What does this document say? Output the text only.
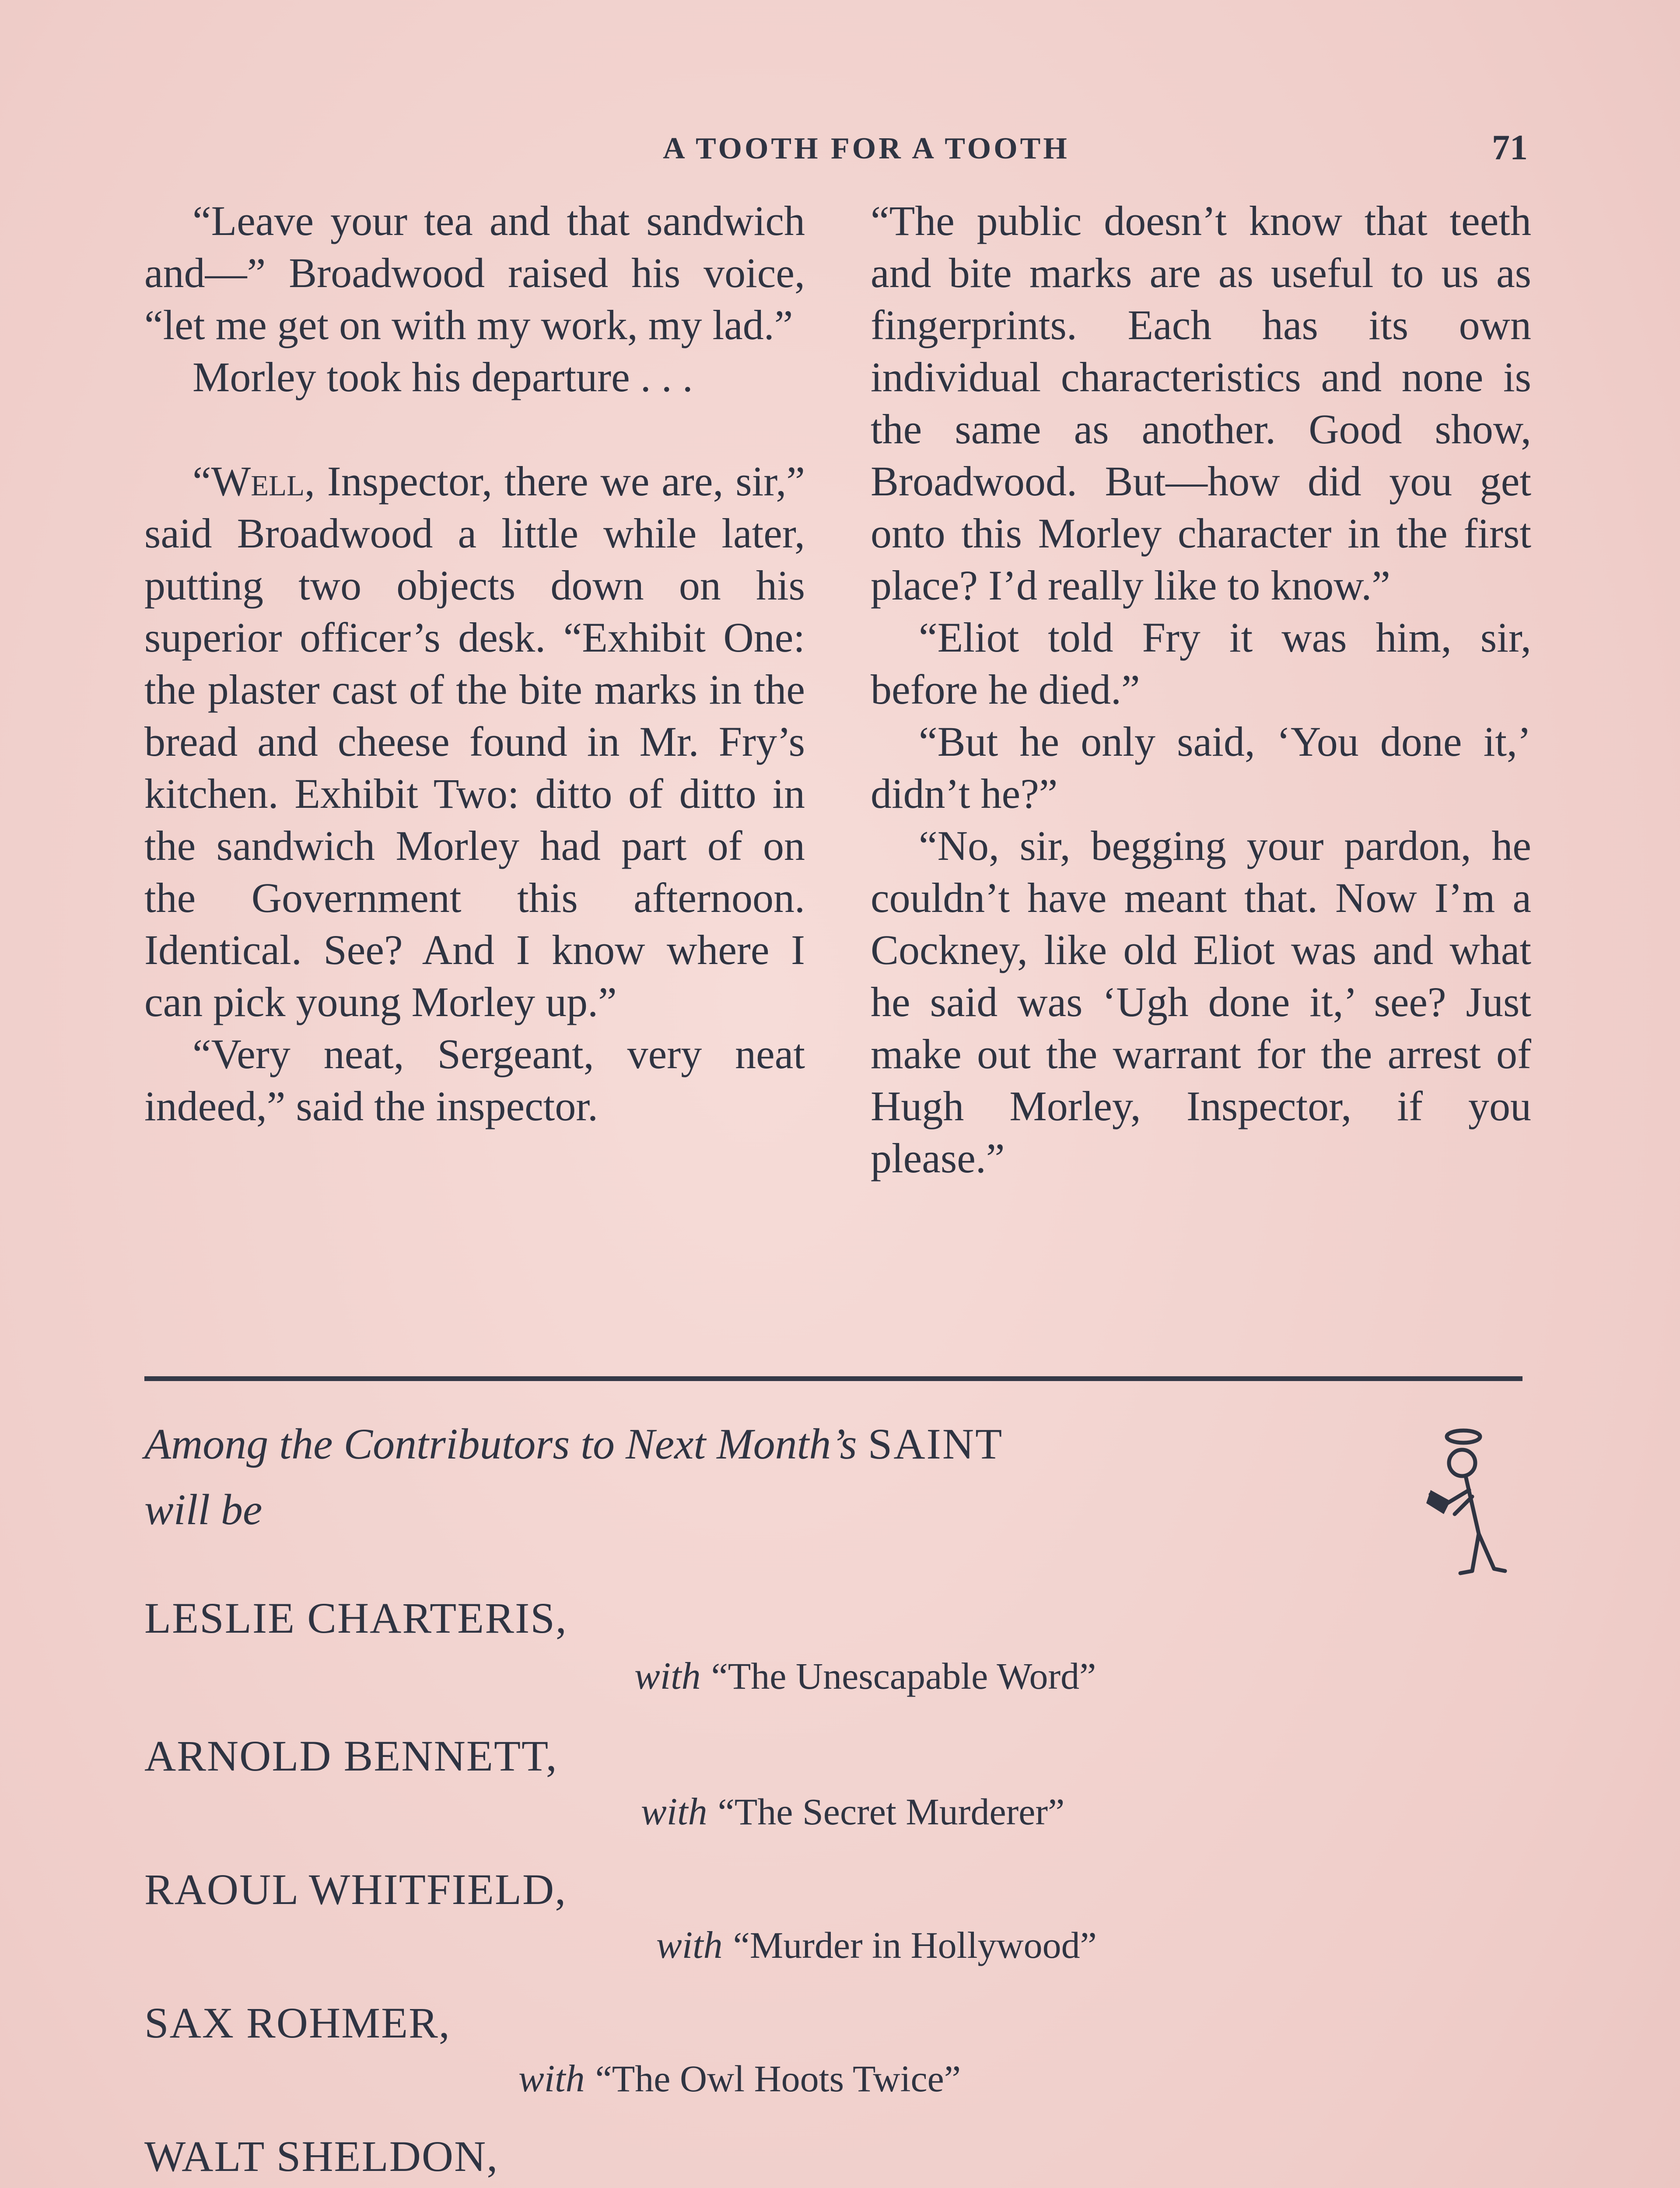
A TOOTH FOR A TOOTH	71

“Leave your tea and that sandwich and—” Broadwood raised his voice, “let me get on with my work, my lad.”

Morley took his departure . . .

“Well, Inspector, there we are, sir,” said Broadwood a little while later, putting two objects down on his superior officer’s desk. “Exhibit One: the plaster cast of the bite marks in the bread and cheese found in Mr. Fry’s kitchen. Exhibit Two: ditto of ditto in the sandwich Morley had part of on the Government this afternoon. Identical. See? And I know where I can pick young Morley up.”

“Very neat, Sergeant, very neat indeed,” said the inspector.

“The public doesn’t know that teeth and bite marks are as useful to us as fingerprints. Each has its own individual characteristics and none is the same as another. Good show, Broadwood. But—how did you get onto this Morley character in the first place? I’d really like to know.”

“Eliot told Fry it was him, sir, before he died.”

“But he only said, ‘You done it,’ didn’t he?”

“No, sir, begging your pardon, he couldn’t have meant that. Now I’m a Cockney, like old Eliot was and what he said was ‘Ugh done it,’ see? Just make out the warrant for the arrest of Hugh Morley, Inspector, if you please.”

Among the Contributors to Next Month’s SAINT
will be
LESLIE CHARTERIS,
with “The Unescapable Word”
ARNOLD BENNETT,
with “The Secret Murderer”
RAOUL WHITFIELD,
with “Murder in Hollywood”
SAX ROHMER,
with “The Owl Hoots Twice”
WALT SHELDON,
